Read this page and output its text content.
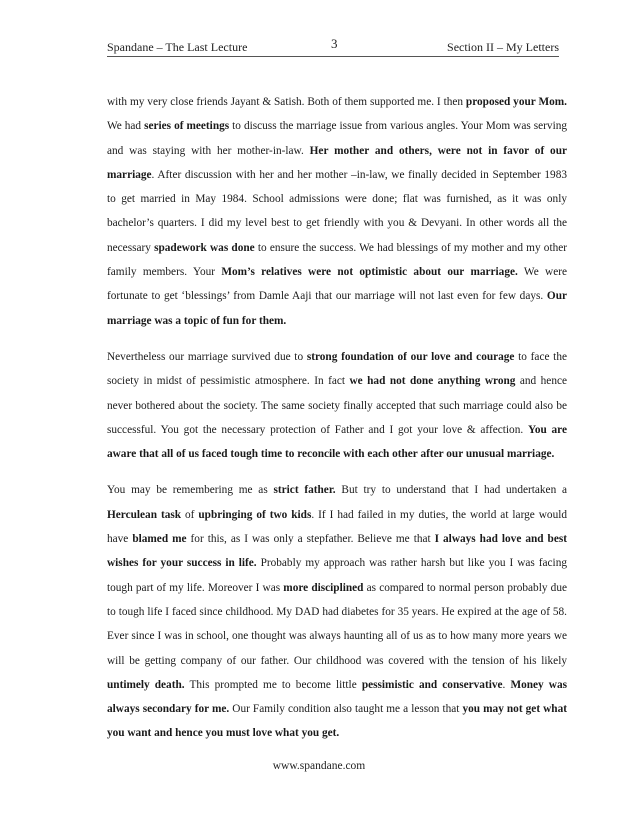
Spandane – The Last Lecture	3	Section II – My Letters

with my very close friends Jayant & Satish. Both of them supported me. I then proposed your Mom. We had series of meetings to discuss the marriage issue from various angles. Your Mom was serving and was staying with her mother-in-law. Her mother and others, were not in favor of our marriage. After discussion with her and her mother –in-law, we finally decided in September 1983 to get married in May 1984. School admissions were done; flat was furnished, as it was only bachelor’s quarters. I did my level best to get friendly with you & Devyani. In other words all the necessary spadework was done to ensure the success. We had blessings of my mother and my other family members. Your Mom’s relatives were not optimistic about our marriage. We were fortunate to get ‘blessings’ from Damle Aaji that our marriage will not last even for few days. Our marriage was a topic of fun for them.

Nevertheless our marriage survived due to strong foundation of our love and courage to face the society in midst of pessimistic atmosphere. In fact we had not done anything wrong and hence never bothered about the society. The same society finally accepted that such marriage could also be successful. You got the necessary protection of Father and I got your love & affection. You are aware that all of us faced tough time to reconcile with each other after our unusual marriage.

You may be remembering me as strict father. But try to understand that I had undertaken a Herculean task of upbringing of two kids. If I had failed in my duties, the world at large would have blamed me for this, as I was only a stepfather. Believe me that I always had love and best wishes for your success in life. Probably my approach was rather harsh but like you I was facing tough part of my life. Moreover I was more disciplined as compared to normal person probably due to tough life I faced since childhood. My DAD had diabetes for 35 years. He expired at the age of 58. Ever since I was in school, one thought was always haunting all of us as to how many more years we will be getting company of our father. Our childhood was covered with the tension of his likely untimely death. This prompted me to become little pessimistic and conservative. Money was always secondary for me. Our Family condition also taught me a lesson that you may not get what you want and hence you must love what you get.

www.spandane.com
